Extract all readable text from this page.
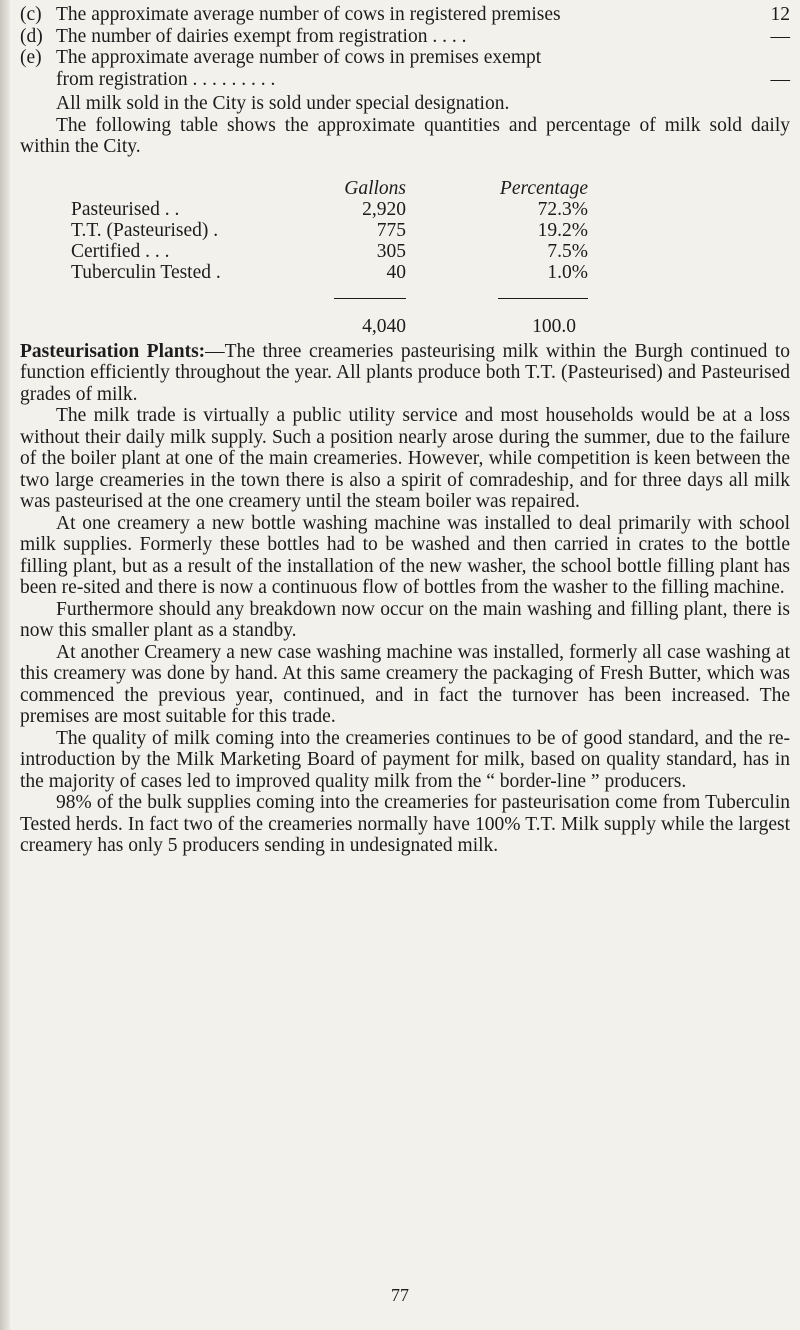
(c) The approximate average number of cows in registered premises	12
(d) The number of dairies exempt from registration . . . .	—
(e) The approximate average number of cows in premises exempt
from registration . . . . . . . . .	—

All milk sold in the City is sold under special designation.

The following table shows the approximate quantities and percentage of milk sold daily within the City.

	Gallons	Percentage
Pasteurised . .	2,920	72.3%
T.T. (Pasteurised) .	775	19.2%
Certified . . .	305	7.5%
Tuberculin Tested .	40	1.0%

	4,040	100.0

Pasteurisation Plants:—The three creameries pasteurising milk within the Burgh continued to function efficiently throughout the year. All plants produce both T.T. (Pasteurised) and Pasteurised grades of milk.

The milk trade is virtually a public utility service and most households would be at a loss without their daily milk supply. Such a position nearly arose during the summer, due to the failure of the boiler plant at one of the main creameries. However, while competition is keen between the two large creameries in the town there is also a spirit of comradeship, and for three days all milk was pasteurised at the one creamery until the steam boiler was repaired.

At one creamery a new bottle washing machine was installed to deal primarily with school milk supplies. Formerly these bottles had to be washed and then carried in crates to the bottle filling plant, but as a result of the installation of the new washer, the school bottle filling plant has been re-sited and there is now a continuous flow of bottles from the washer to the filling machine.

Furthermore should any breakdown now occur on the main washing and filling plant, there is now this smaller plant as a standby.

At another Creamery a new case washing machine was installed, formerly all case washing at this creamery was done by hand. At this same creamery the packaging of Fresh Butter, which was commenced the previous year, continued, and in fact the turnover has been increased. The premises are most suitable for this trade.

The quality of milk coming into the creameries continues to be of good standard, and the re-introduction by the Milk Marketing Board of payment for milk, based on quality standard, has in the majority of cases led to improved quality milk from the “ border-line ” producers.

98% of the bulk supplies coming into the creameries for pasteurisation come from Tuberculin Tested herds. In fact two of the creameries normally have 100% T.T. Milk supply while the largest creamery has only 5 producers sending in undesignated milk.

77
